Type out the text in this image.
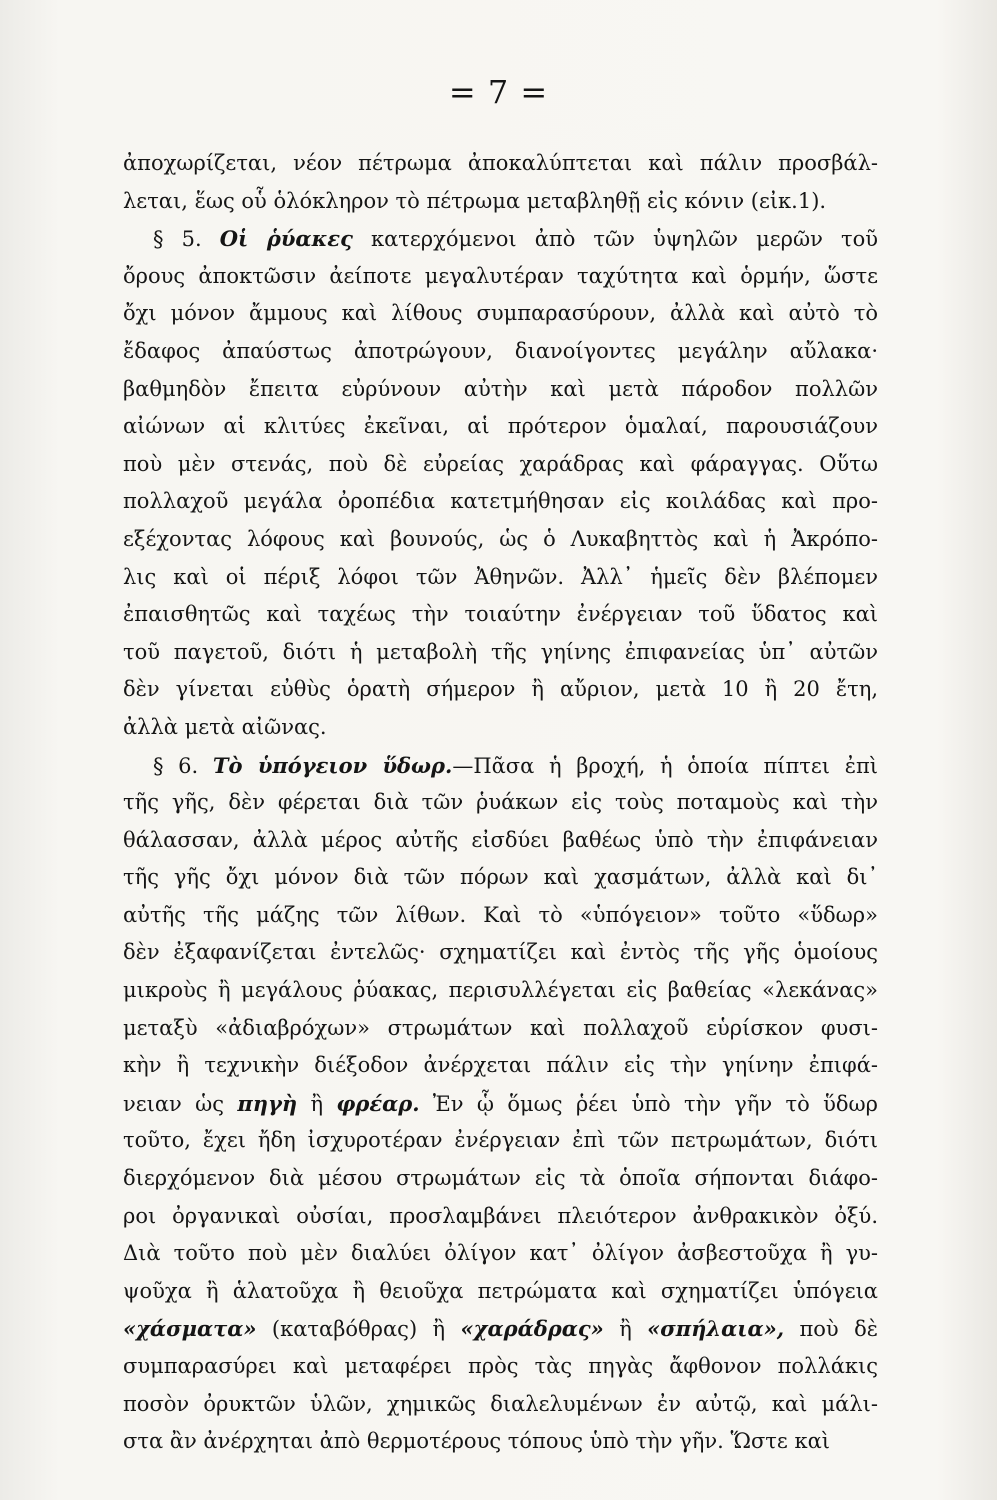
= 7 =
ἀποχωρίζεται, νέον πέτρωμα ἀποκαλύπτεται καὶ πάλιν προσβάλ-
λεται, ἕως οὗ ὁλόκληρον τὸ πέτρωμα μεταβληθῇ εἰς κόνιν (εἰκ.1).
§ 5. Οἱ ῥύακες κατερχόμενοι ἀπὸ τῶν ὑψηλῶν μερῶν τοῦ
ὄρους ἀποκτῶσιν ἀείποτε μεγαλυτέραν ταχύτητα καὶ ὁρμήν, ὥστε
ὄχι μόνον ἄμμους καὶ λίθους συμπαρασύρουν, ἀλλὰ καὶ αὐτὸ τὸ
ἔδαφος ἀπαύστως ἀποτρώγουν, διανοίγοντες μεγάλην αὔλακα·
βαθμηδὸν ἔπειτα εὐρύνουν αὐτὴν καὶ μετὰ πάροδον πολλῶν
αἰώνων αἱ κλιτύες ἐκεῖναι, αἱ πρότερον ὁμαλαί, παρουσιάζουν
ποὺ μὲν στενάς, ποὺ δὲ εὐρείας χαράδρας καὶ φάραγγας. Οὕτω
πολλαχοῦ μεγάλα ὀροπέδια κατετμήθησαν εἰς κοιλάδας καὶ προ-
εξέχοντας λόφους καὶ βουνούς, ὡς ὁ Λυκαβηττὸς καὶ ἡ Ἀκρόπο-
λις καὶ οἱ πέριξ λόφοι τῶν Ἀθηνῶν. Ἀλλ᾿ ἡμεῖς δὲν βλέπομεν
ἐπαισθητῶς καὶ ταχέως τὴν τοιαύτην ἐνέργειαν τοῦ ὕδατος καὶ
τοῦ παγετοῦ, διότι ἡ μεταβολὴ τῆς γηίνης ἐπιφανείας ὑπ᾿ αὐτῶν
δὲν γίνεται εὐθὺς ὁρατὴ σήμερον ἢ αὔριον, μετὰ 10 ἢ 20 ἔτη,
ἀλλὰ μετὰ αἰῶνας.
§ 6. Τὸ ὑπόγειον ὕδωρ.—Πᾶσα ἡ βροχή, ἡ ὁποία πίπτει ἐπὶ
τῆς γῆς, δὲν φέρεται διὰ τῶν ῥυάκων εἰς τοὺς ποταμοὺς καὶ τὴν
θάλασσαν, ἀλλὰ μέρος αὐτῆς εἰσδύει βαθέως ὑπὸ τὴν ἐπιφάνειαν
τῆς γῆς ὄχι μόνον διὰ τῶν πόρων καὶ χασμάτων, ἀλλὰ καὶ δι᾿
αὐτῆς τῆς μάζης τῶν λίθων. Καὶ τὸ «ὑπόγειον» τοῦτο «ὕδωρ»
δὲν ἐξαφανίζεται ἐντελῶς· σχηματίζει καὶ ἐντὸς τῆς γῆς ὁμοίους
μικροὺς ἢ μεγάλους ῥύακας, περισυλλέγεται εἰς βαθείας «λεκάνας»
μεταξὺ «ἀδιαβρόχων» στρωμάτων καὶ πολλαχοῦ εὑρίσκον φυσι-
κὴν ἢ τεχνικὴν διέξοδον ἀνέρχεται πάλιν εἰς τὴν γηίνην ἐπιφά-
νειαν ὡς πηγὴ ἢ φρέαρ. Ἐν ᾧ ὅμως ῥέει ὑπὸ τὴν γῆν τὸ ὕδωρ
τοῦτο, ἔχει ἤδη ἰσχυροτέραν ἐνέργειαν ἐπὶ τῶν πετρωμάτων, διότι
διερχόμενον διὰ μέσου στρωμάτων εἰς τὰ ὁποῖα σήπονται διάφο-
ροι ὀργανικαὶ οὐσίαι, προσλαμβάνει πλειότερον ἀνθρακικὸν ὀξύ.
Διὰ τοῦτο ποὺ μὲν διαλύει ὀλίγον κατ᾿ ὀλίγον ἀσβεστοῦχα ἢ γυ-
ψοῦχα ἢ ἁλατοῦχα ἢ θειοῦχα πετρώματα καὶ σχηματίζει ὑπόγεια
«χάσματα» (καταβόθρας) ἢ «χαράδρας» ἢ «σπήλαια», ποὺ δὲ
συμπαρασύρει καὶ μεταφέρει πρὸς τὰς πηγὰς ἄφθονον πολλάκις
ποσὸν ὀρυκτῶν ὑλῶν, χημικῶς διαλελυμένων ἐν αὐτῷ, καὶ μάλι-
στα ἂν ἀνέρχηται ἀπὸ θερμοτέρους τόπους ὑπὸ τὴν γῆν. Ὥστε καὶ
